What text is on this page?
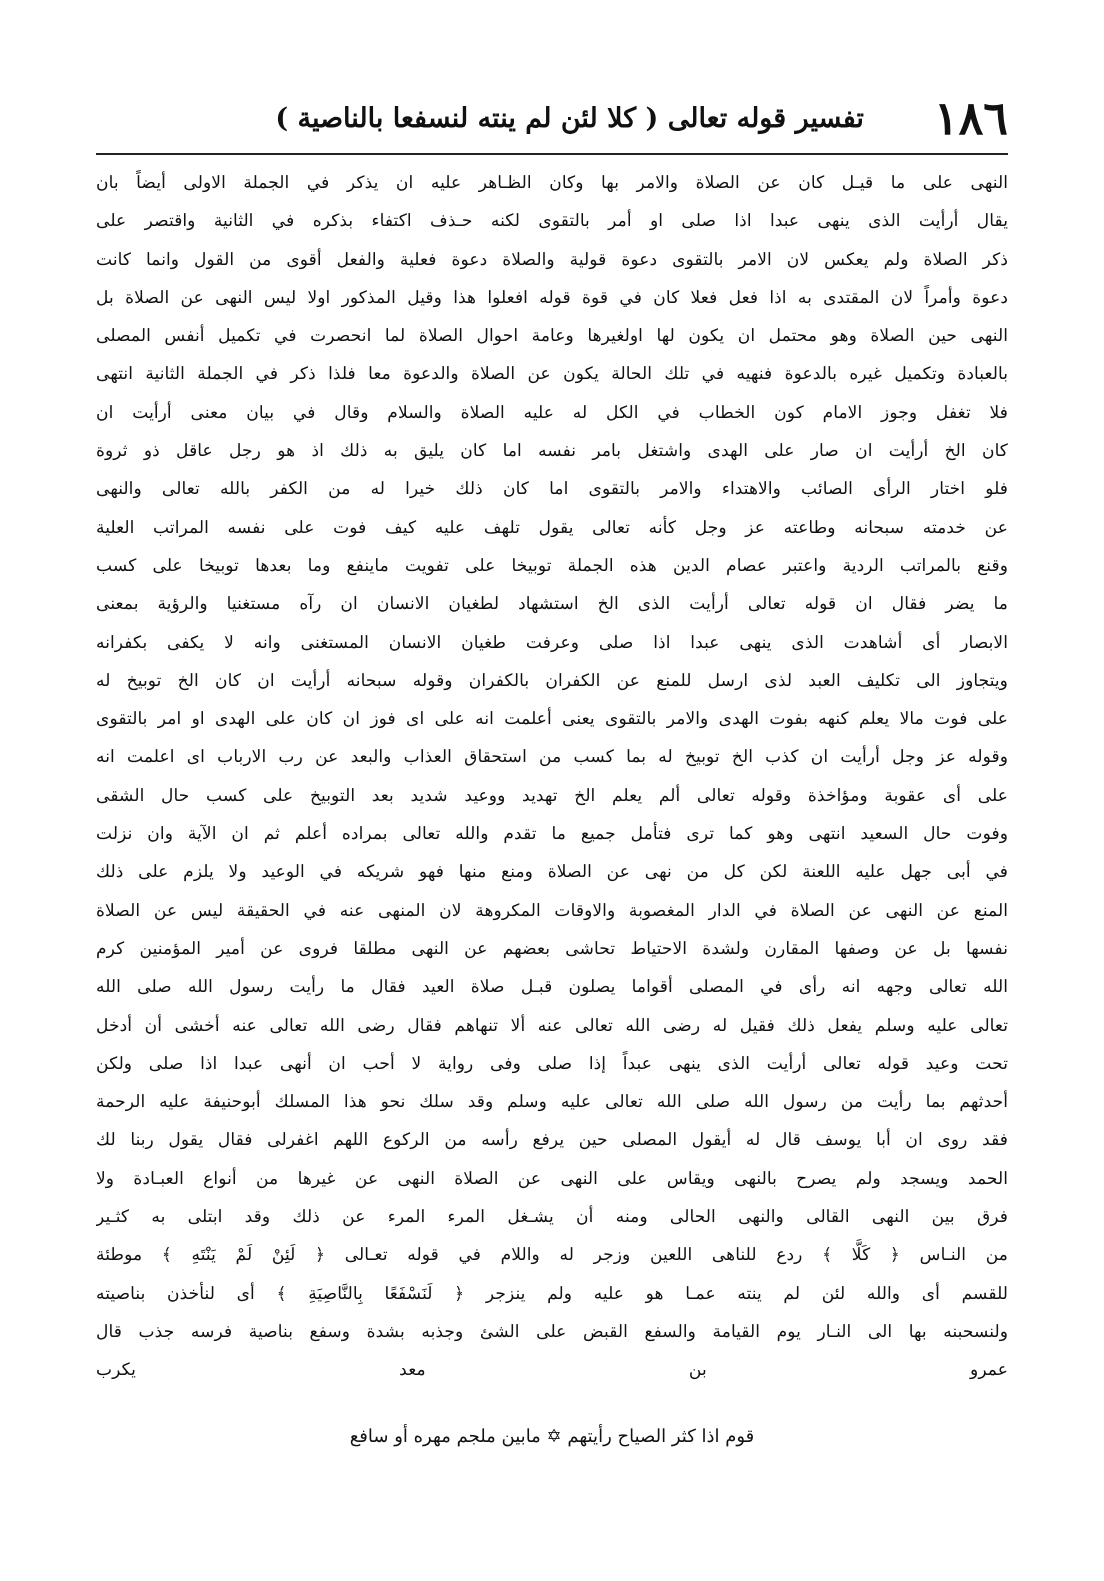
١٨٦
تفسير قوله تعالى ( كلا لئن لم ينته لنسفعا بالناصية )
النهى على ما قيـل كان عن الصلاة والامر بها وكان الظـاهر عليه ان يذكر في الجملة الاولى أيضاً بان
يقال أرأيت الذى ينهى عبدا اذا صلى او أمر بالتقوى لكنه حـذف اكتفاء بذكره في الثانية واقتصر على
ذكر الصلاة ولم يعكس لان الامر بالتقوى دعوة قولية والصلاة دعوة فعلية والفعل أقوى من القول وانما كانت
دعوة وأمراً لان المقتدى به اذا فعل فعلا كان في قوة قوله افعلوا هذا وقيل المذكور اولا ليس النهى عن الصلاة بل
النهى حين الصلاة وهو محتمل ان يكون لها اولغيرها وعامة احوال الصلاة لما انحصرت في تكميل أنفس المصلى
بالعبادة وتكميل غيره بالدعوة فنهيه في تلك الحالة يكون عن الصلاة والدعوة معا فلذا ذكر في الجملة الثانية انتهى
فلا تغفل وجوز الامام كون الخطاب في الكل له عليه الصلاة والسلام وقال في بيان معنى أرأيت ان
كان الخ أرأيت ان صار على الهدى واشتغل بامر نفسه اما كان يليق به ذلك اذ هو رجل عاقل ذو ثروة
فلو اختار الرأى الصائب والاهتداء والامر بالتقوى اما كان ذلك خيرا له من الكفر بالله تعالى والنهى
عن خدمته سبحانه وطاعته عز وجل كأنه تعالى يقول تلهف عليه كيف فوت على نفسه المراتب العلية
وقنع بالمراتب الردية واعتبر عصام الدين هذه الجملة توبيخا على تفويت ماينفع وما بعدها توبيخا على كسب
ما يضر فقال ان قوله تعالى أرأيت الذى الخ استشهاد لطغيان الانسان ان رآه مستغنيا والرؤية بمعنى
الابصار أى أشاهدت الذى ينهى عبدا اذا صلى وعرفت طغيان الانسان المستغنى وانه لا يكفى بكفرانه
ويتجاوز الى تكليف العبد لذى ارسل للمنع عن الكفران بالكفران وقوله سبحانه أرأيت ان كان الخ توبيخ له
على فوت مالا يعلم كنهه بفوت الهدى والامر بالتقوى يعنى أعلمت انه على اى فوز ان كان على الهدى او امر بالتقوى
وقوله عز وجل أرأيت ان كذب الخ توبيخ له بما كسب من استحقاق العذاب والبعد عن رب الارباب اى اعلمت انه
على أى عقوبة ومؤاخذة وقوله تعالى ألم يعلم الخ تهديد ووعيد شديد بعد التوبيخ على كسب حال الشقى
وفوت حال السعيد انتهى وهو كما ترى فتأمل جميع ما تقدم والله تعالى بمراده أعلم ثم ان الآية وان نزلت
في أبى جهل عليه اللعنة لكن كل من نهى عن الصلاة ومنع منها فهو شريكه في الوعيد ولا يلزم على ذلك
المنع عن النهى عن الصلاة في الدار المغصوبة والاوقات المكروهة لان المنهى عنه في الحقيقة ليس عن الصلاة
نفسها بل عن وصفها المقارن ولشدة الاحتياط تحاشى بعضهم عن النهى مطلقا فروى عن أمير المؤمنين كرم
الله تعالى وجهه انه رأى في المصلى أقواما يصلون قبـل صلاة العيد فقال ما رأيت رسول الله صلى الله
تعالى عليه وسلم يفعل ذلك فقيل له رضى الله تعالى عنه ألا تنهاهم فقال رضى الله تعالى عنه أخشى أن أدخل
تحت وعيد قوله تعالى أرأيت الذى ينهى عبداً إذا صلى وفى رواية لا أحب ان أنهى عبدا اذا صلى ولكن
أحدثهم بما رأيت من رسول الله صلى الله تعالى عليه وسلم وقد سلك نحو هذا المسلك أبوحنيفة عليه الرحمة
فقد روى ان أبا يوسف قال له أيقول المصلى حين يرفع رأسه من الركوع اللهم اغفرلى فقال يقول ربنا لك
الحمد ويسجد ولم يصرح بالنهى ويقاس على النهى عن الصلاة النهى عن غيرها من أنواع العبـادة ولا
فرق بين النهى القالى والنهى الحالى ومنه أن يشـغل المرء المرء عن ذلك وقد ابتلى به كثـير
من النـاس ﴿ كَلَّا ﴾ ردع للناهى اللعين وزجر له واللام في قوله تعـالى ﴿ لَئِنْ لَمْ يَنْتَهِ ﴾ موطئة
للقسم أى والله لئن لم ينته عمـا هو عليه ولم ينزجر ﴿ لَنَسْفَعًا بِالنَّاصِيَةِ ﴾ أى لنأخذن بناصيته
ولنسحبنه بها الى النـار يوم القيامة والسفع القبض على الشئ وجذبه بشدة وسفع بناصية فرسه جذب قال
عمرو بن معد يكرب
قوم اذا كثر الصياح رأيتهم ✡ مابين ملجم مهره أو سافع
